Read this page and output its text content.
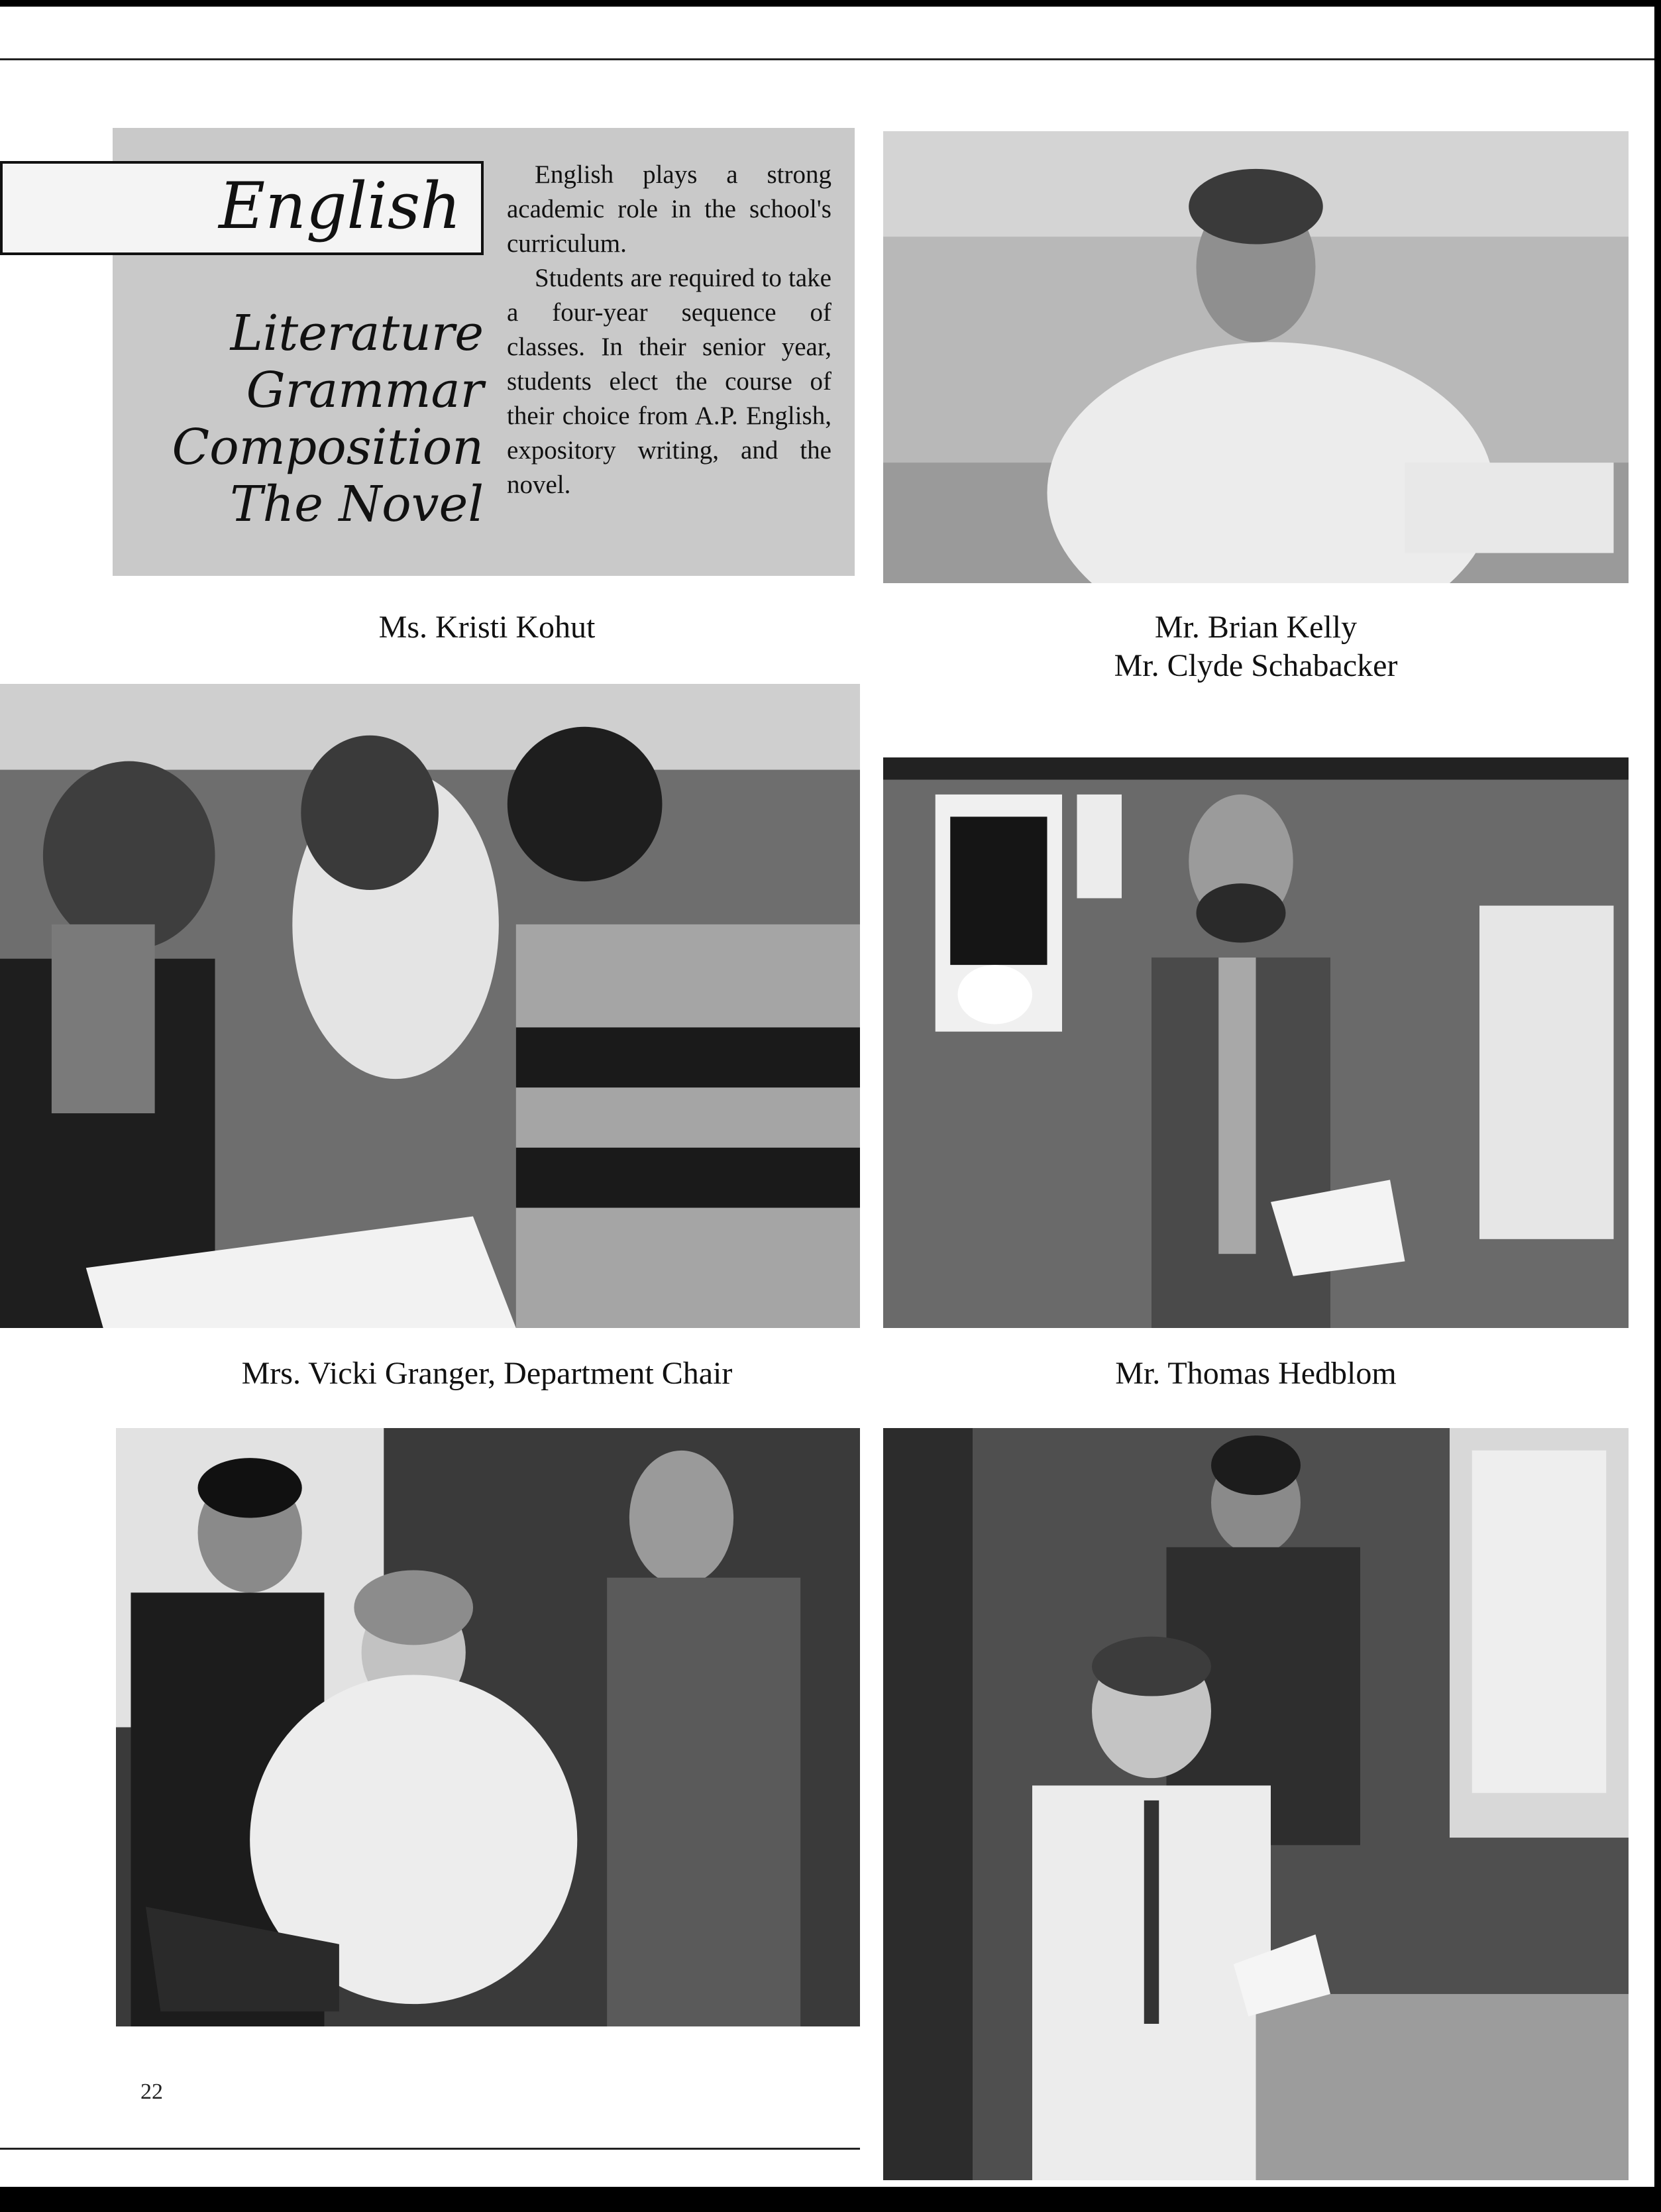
English
Literature
Grammar
Composition
The Novel

English plays a strong academic role in the school's curriculum.

Students are required to take a four-year sequence of classes. In their senior year, students elect the course of their choice from A.P. English, expository writing, and the novel.

Ms. Kristi Kohut	Mr. Brian Kelly
Mr. Clyde Schabacker
Mrs. Vicki Granger, Department Chair	Mr. Thomas Hedblom
22
